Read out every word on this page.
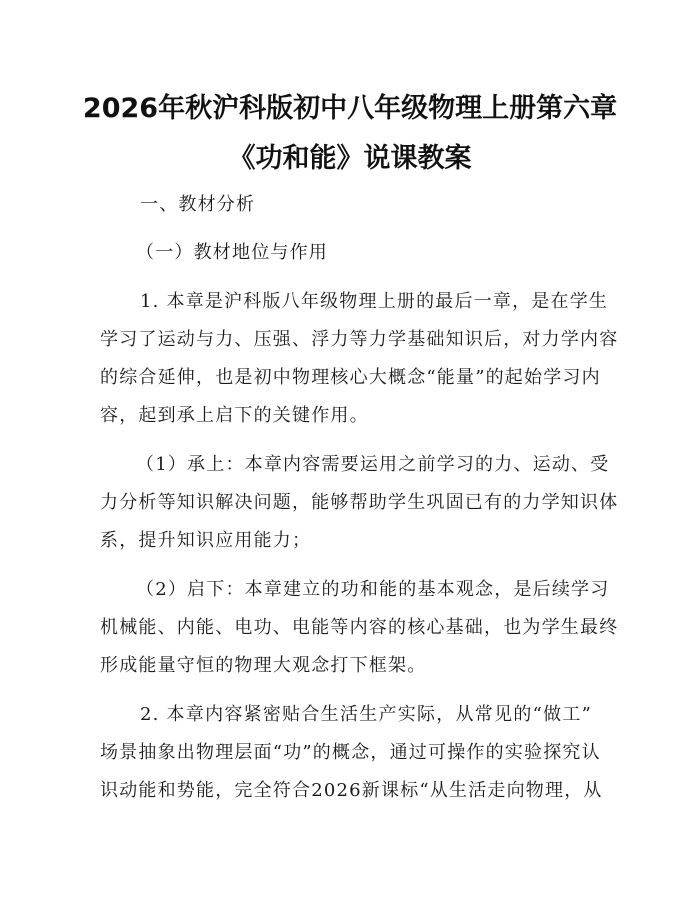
2026年秋沪科版初中八年级物理上册第六章
《功和能》说课教案
一、教材分析
（一）教材地位与作用
1. 本章是沪科版八年级物理上册的最后一章，是在学生
学习了运动与力、压强、浮力等力学基础知识后，对力学内容
的综合延伸，也是初中物理核心大概念“能量”的起始学习内
容，起到承上启下的关键作用。
（1）承上：本章内容需要运用之前学习的力、运动、受
力分析等知识解决问题，能够帮助学生巩固已有的力学知识体
系，提升知识应用能力；
（2）启下：本章建立的功和能的基本观念，是后续学习
机械能、内能、电功、电能等内容的核心基础，也为学生最终
形成能量守恒的物理大观念打下框架。
2. 本章内容紧密贴合生活生产实际，从常见的“做工”
场景抽象出物理层面“功”的概念，通过可操作的实验探究认
识动能和势能，完全符合2026新课标“从生活走向物理，从
